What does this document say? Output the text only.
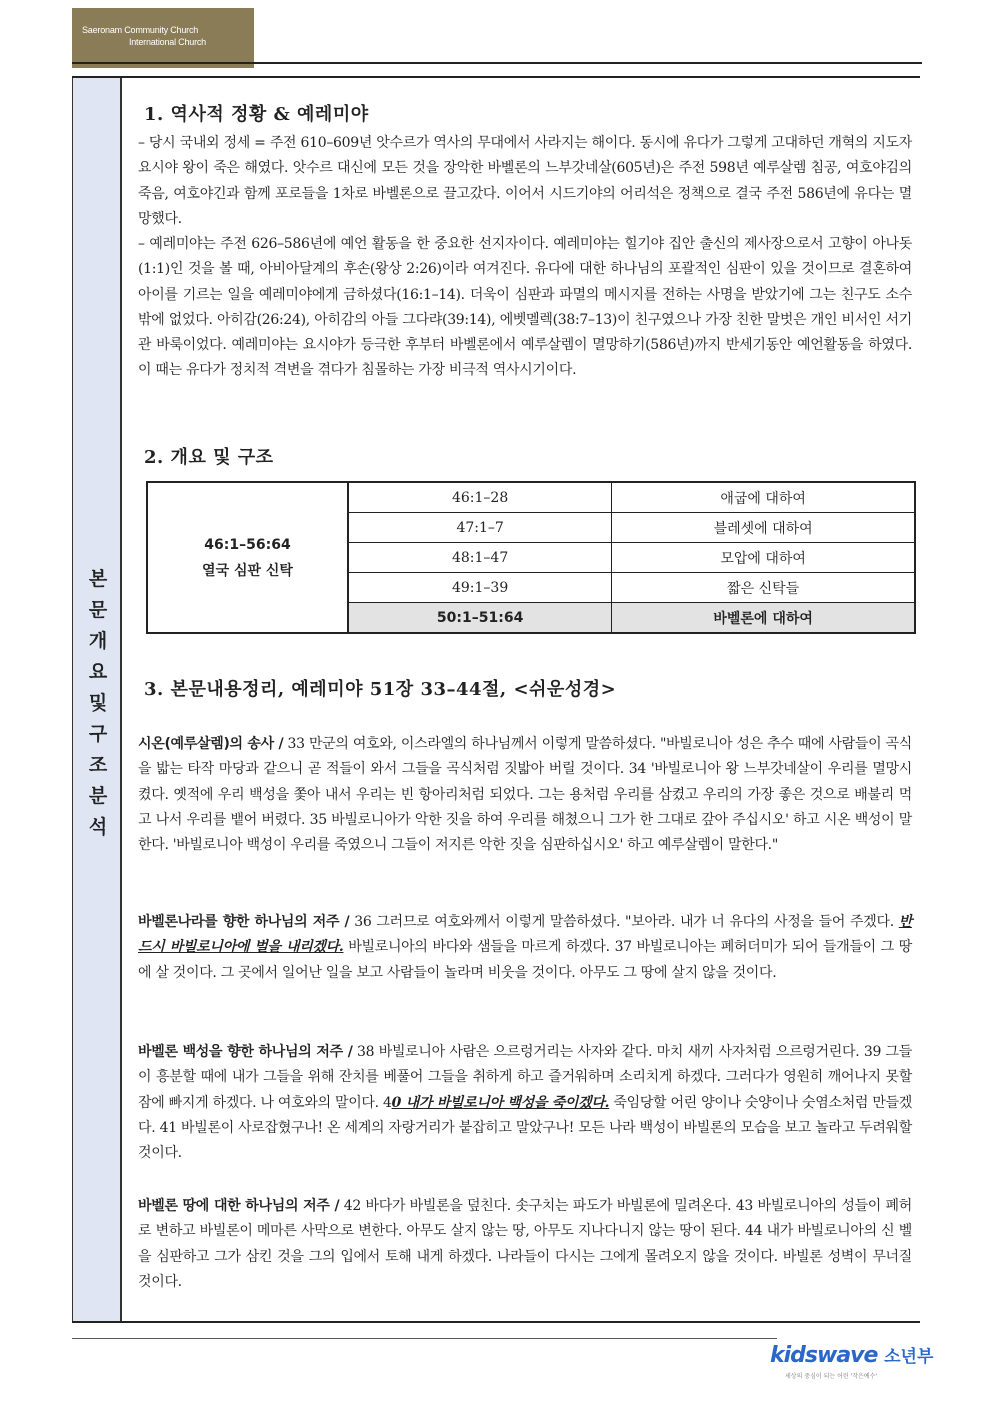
Saeronam Community Church
International Church
본
문
개
요
및
구
조
분
석
1. 역사적 정황 & 예레미야

– 당시 국내외 정세 = 주전 610–609년 앗수르가 역사의 무대에서 사라지는 해이다. 동시에 유다가 그렇게 고대하던 개혁의 지도자 요시야 왕이 죽은 해였다. 앗수르 대신에 모든 것을 장악한 바벨론의 느부갓네살(605년)은 주전 598년 예루살렘 침공, 여호야김의 죽음, 여호야긴과 함께 포로들을 1차로 바벨론으로 끌고갔다. 이어서 시드기야의 어리석은 정책으로 결국 주전 586년에 유다는 멸망했다.

– 예레미야는 주전 626–586년에 예언 활동을 한 중요한 선지자이다. 예레미야는 힐기야 집안 출신의 제사장으로서 고향이 아나돗(1:1)인 것을 볼 때, 아비아달계의 후손(왕상 2:26)이라 여겨진다. 유다에 대한 하나님의 포괄적인 심판이 있을 것이므로 결혼하여 아이를 기르는 일을 예레미야에게 금하셨다(16:1–14). 더욱이 심판과 파멸의 메시지를 전하는 사명을 받았기에 그는 친구도 소수밖에 없었다. 아히감(26:24), 아히감의 아들 그다랴(39:14), 에벳멜렉(38:7–13)이 친구였으나 가장 친한 말벗은 개인 비서인 서기관 바룩이었다. 예레미야는 요시야가 등극한 후부터 바벨론에서 예루살렘이 멸망하기(586년)까지 반세기동안 예언활동을 하였다. 이 때는 유다가 정치적 격변을 겪다가 침몰하는 가장 비극적 역사시기이다.

2. 개요 및 구조
46:1–56:64
열국 심판 신탁	46:1–28	애굽에 대하여
	47:1–7	블레셋에 대하여
	48:1–47	모압에 대하여
	49:1–39	짧은 신탁들
	50:1–51:64	바벨론에 대하여
3. 본문내용정리, 예레미야 51장 33–44절, <쉬운성경>

시온(예루살렘)의 송사 / 33 만군의 여호와, 이스라엘의 하나님께서 이렇게 말씀하셨다. "바빌로니아 성은 추수 때에 사람들이 곡식을 밟는 타작 마당과 같으니 곧 적들이 와서 그들을 곡식처럼 짓밟아 버릴 것이다. 34 '바빌로니아 왕 느부갓네살이 우리를 멸망시켰다. 옛적에 우리 백성을 쫓아 내서 우리는 빈 항아리처럼 되었다. 그는 용처럼 우리를 삼켰고 우리의 가장 좋은 것으로 배불리 먹고 나서 우리를 뱉어 버렸다. 35 바빌로니아가 악한 짓을 하여 우리를 해쳤으니 그가 한 그대로 갚아 주십시오' 하고 시온 백성이 말한다. '바빌로니아 백성이 우리를 죽였으니 그들이 저지른 악한 짓을 심판하십시오' 하고 예루살렘이 말한다."

바벨론나라를 향한 하나님의 저주 / 36 그러므로 여호와께서 이렇게 말씀하셨다. "보아라. 내가 너 유다의 사정을 들어 주겠다. 반드시 바빌로니아에 벌을 내리겠다. 바빌로니아의 바다와 샘들을 마르게 하겠다. 37 바빌로니아는 폐허더미가 되어 들개들이 그 땅에 살 것이다. 그 곳에서 일어난 일을 보고 사람들이 놀라며 비웃을 것이다. 아무도 그 땅에 살지 않을 것이다.

바벨론 백성을 향한 하나님의 저주 / 38 바빌로니아 사람은 으르렁거리는 사자와 같다. 마치 새끼 사자처럼 으르렁거린다. 39 그들이 흥분할 때에 내가 그들을 위해 잔치를 베풀어 그들을 취하게 하고 즐거워하며 소리치게 하겠다. 그러다가 영원히 깨어나지 못할 잠에 빠지게 하겠다. 나 여호와의 말이다. 40 내가 바빌로니아 백성을 죽이겠다. 죽임당할 어린 양이나 숫양이나 숫염소처럼 만들겠다. 41 바빌론이 사로잡혔구나! 온 세계의 자랑거리가 붙잡히고 말았구나! 모든 나라 백성이 바빌론의 모습을 보고 놀라고 두려워할 것이다.

바벨론 땅에 대한 하나님의 저주 / 42 바다가 바빌론을 덮친다. 솟구치는 파도가 바빌론에 밀려온다. 43 바빌로니아의 성들이 폐허로 변하고 바빌론이 메마른 사막으로 변한다. 아무도 살지 않는 땅, 아무도 지나다니지 않는 땅이 된다. 44 내가 바빌로니아의 신 벨을 심판하고 그가 삼킨 것을 그의 입에서 토해 내게 하겠다. 나라들이 다시는 그에게 몰려오지 않을 것이다. 바빌론 성벽이 무너질 것이다.

kidswave 소년부
세상의 중심이 되는 어린 '작은예수'
